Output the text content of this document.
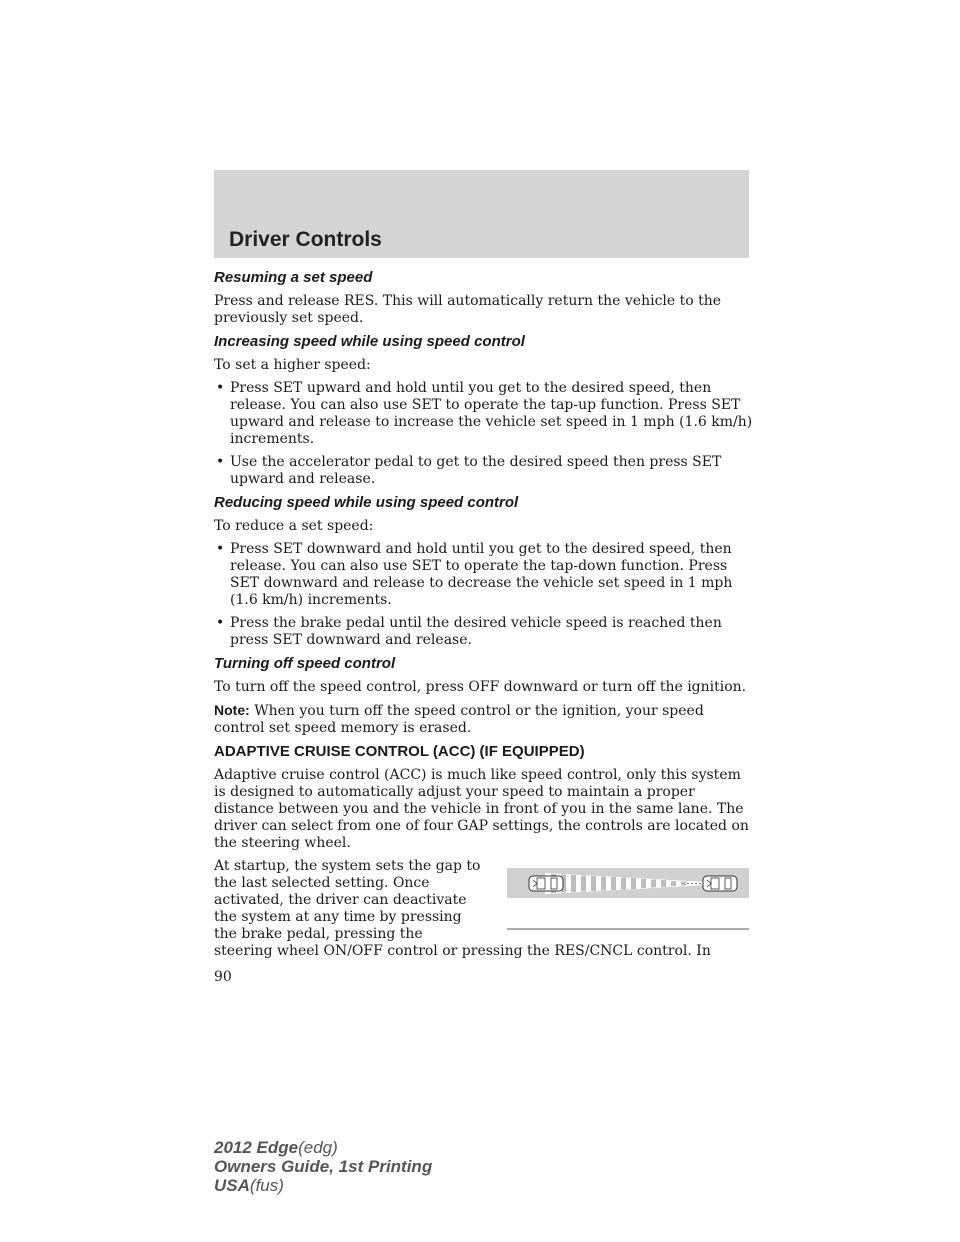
Driver Controls
Resuming a set speed

Press and release RES. This will automatically return the vehicle to the previously set speed.

Increasing speed while using speed control

To set a higher speed:

• Press SET upward and hold until you get to the desired speed, then release. You can also use SET to operate the tap-up function. Press SET upward and release to increase the vehicle set speed in 1 mph (1.6 km/h) increments.
• Use the accelerator pedal to get to the desired speed then press SET upward and release.
Reducing speed while using speed control

To reduce a set speed:

• Press SET downward and hold until you get to the desired speed, then release. You can also use SET to operate the tap-down function. Press SET downward and release to decrease the vehicle set speed in 1 mph (1.6 km/h) increments.
• Press the brake pedal until the desired vehicle speed is reached then press SET downward and release.
Turning off speed control

To turn off the speed control, press OFF downward or turn off the ignition.

Note: When you turn off the speed control or the ignition, your speed control set speed memory is erased.

ADAPTIVE CRUISE CONTROL (ACC) (IF EQUIPPED)

Adaptive cruise control (ACC) is much like speed control, only this system is designed to automatically adjust your speed to maintain a proper distance between you and the vehicle in front of you in the same lane. The driver can select from one of four GAP settings, the controls are located on the steering wheel.

At startup, the system sets the gap to the last selected setting. Once activated, the driver can deactivate the system at any time by pressing the brake pedal, pressing the

steering wheel ON/OFF control or pressing the RES/CNCL control. In

90
2012 Edge(edg)
Owners Guide, 1st Printing
USA(fus)
